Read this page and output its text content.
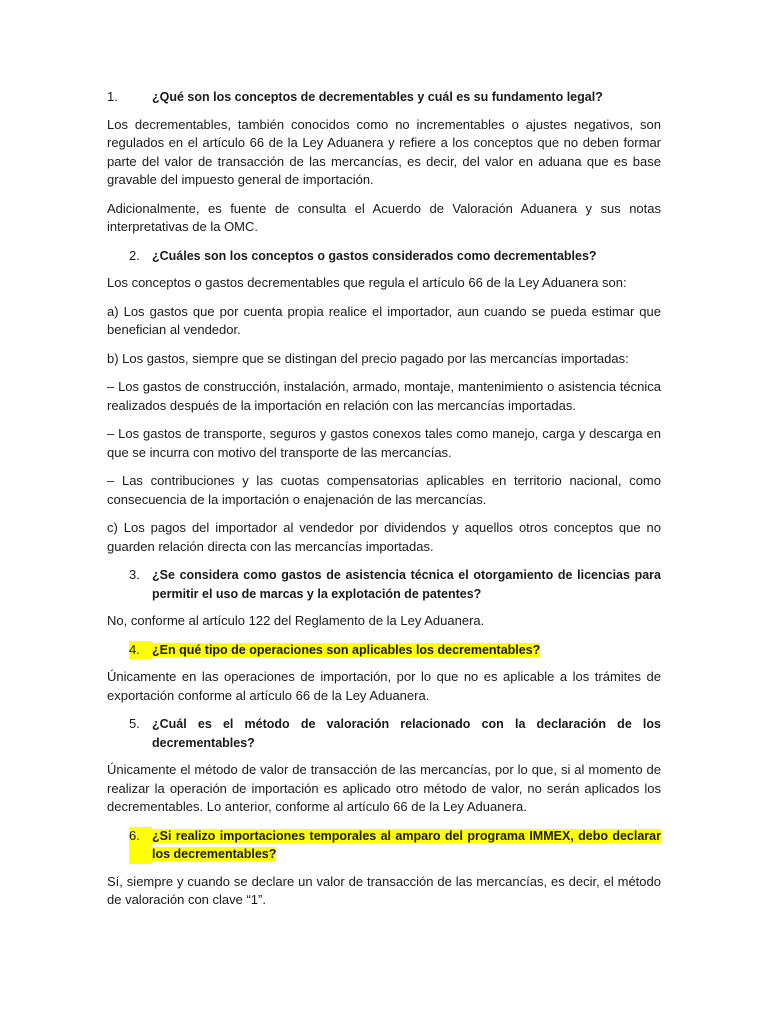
1.	¿Qué son los conceptos de decrementables y cuál es su fundamento legal?

Los decrementables, también conocidos como no incrementables o ajustes negativos, son regulados en el artículo 66 de la Ley Aduanera y refiere a los conceptos que no deben formar parte del valor de transacción de las mercancías, es decir, del valor en aduana que es base gravable del impuesto general de importación.

Adicionalmente, es fuente de consulta el Acuerdo de Valoración Aduanera y sus notas interpretativas de la OMC.

2. ¿Cuáles son los conceptos o gastos considerados como decrementables?

Los conceptos o gastos decrementables que regula el artículo 66 de la Ley Aduanera son:

a) Los gastos que por cuenta propia realice el importador, aun cuando se pueda estimar que benefician al vendedor.

b) Los gastos, siempre que se distingan del precio pagado por las mercancías importadas:

– Los gastos de construcción, instalación, armado, montaje, mantenimiento o asistencia técnica realizados después de la importación en relación con las mercancías importadas.

– Los gastos de transporte, seguros y gastos conexos tales como manejo, carga y descarga en que se incurra con motivo del transporte de las mercancías.

– Las contribuciones y las cuotas compensatorias aplicables en territorio nacional, como consecuencia de la importación o enajenación de las mercancías.

c) Los pagos del importador al vendedor por dividendos y aquellos otros conceptos que no guarden relación directa con las mercancías importadas.

3. ¿Se considera como gastos de asistencia técnica el otorgamiento de licencias para permitir el uso de marcas y la explotación de patentes?

No, conforme al artículo 122 del Reglamento de la Ley Aduanera.

4. ¿En qué tipo de operaciones son aplicables los decrementables?

Únicamente en las operaciones de importación, por lo que no es aplicable a los trámites de exportación conforme al artículo 66 de la Ley Aduanera.

5. ¿Cuál es el método de valoración relacionado con la declaración de los decrementables?

Únicamente el método de valor de transacción de las mercancías, por lo que, si al momento de realizar la operación de importación es aplicado otro método de valor, no serán aplicados los decrementables. Lo anterior, conforme al artículo 66 de la Ley Aduanera.

6. ¿Si realizo importaciones temporales al amparo del programa IMMEX, debo declarar los decrementables?

Sí, siempre y cuando se declare un valor de transacción de las mercancías, es decir, el método de valoración con clave “1”.
